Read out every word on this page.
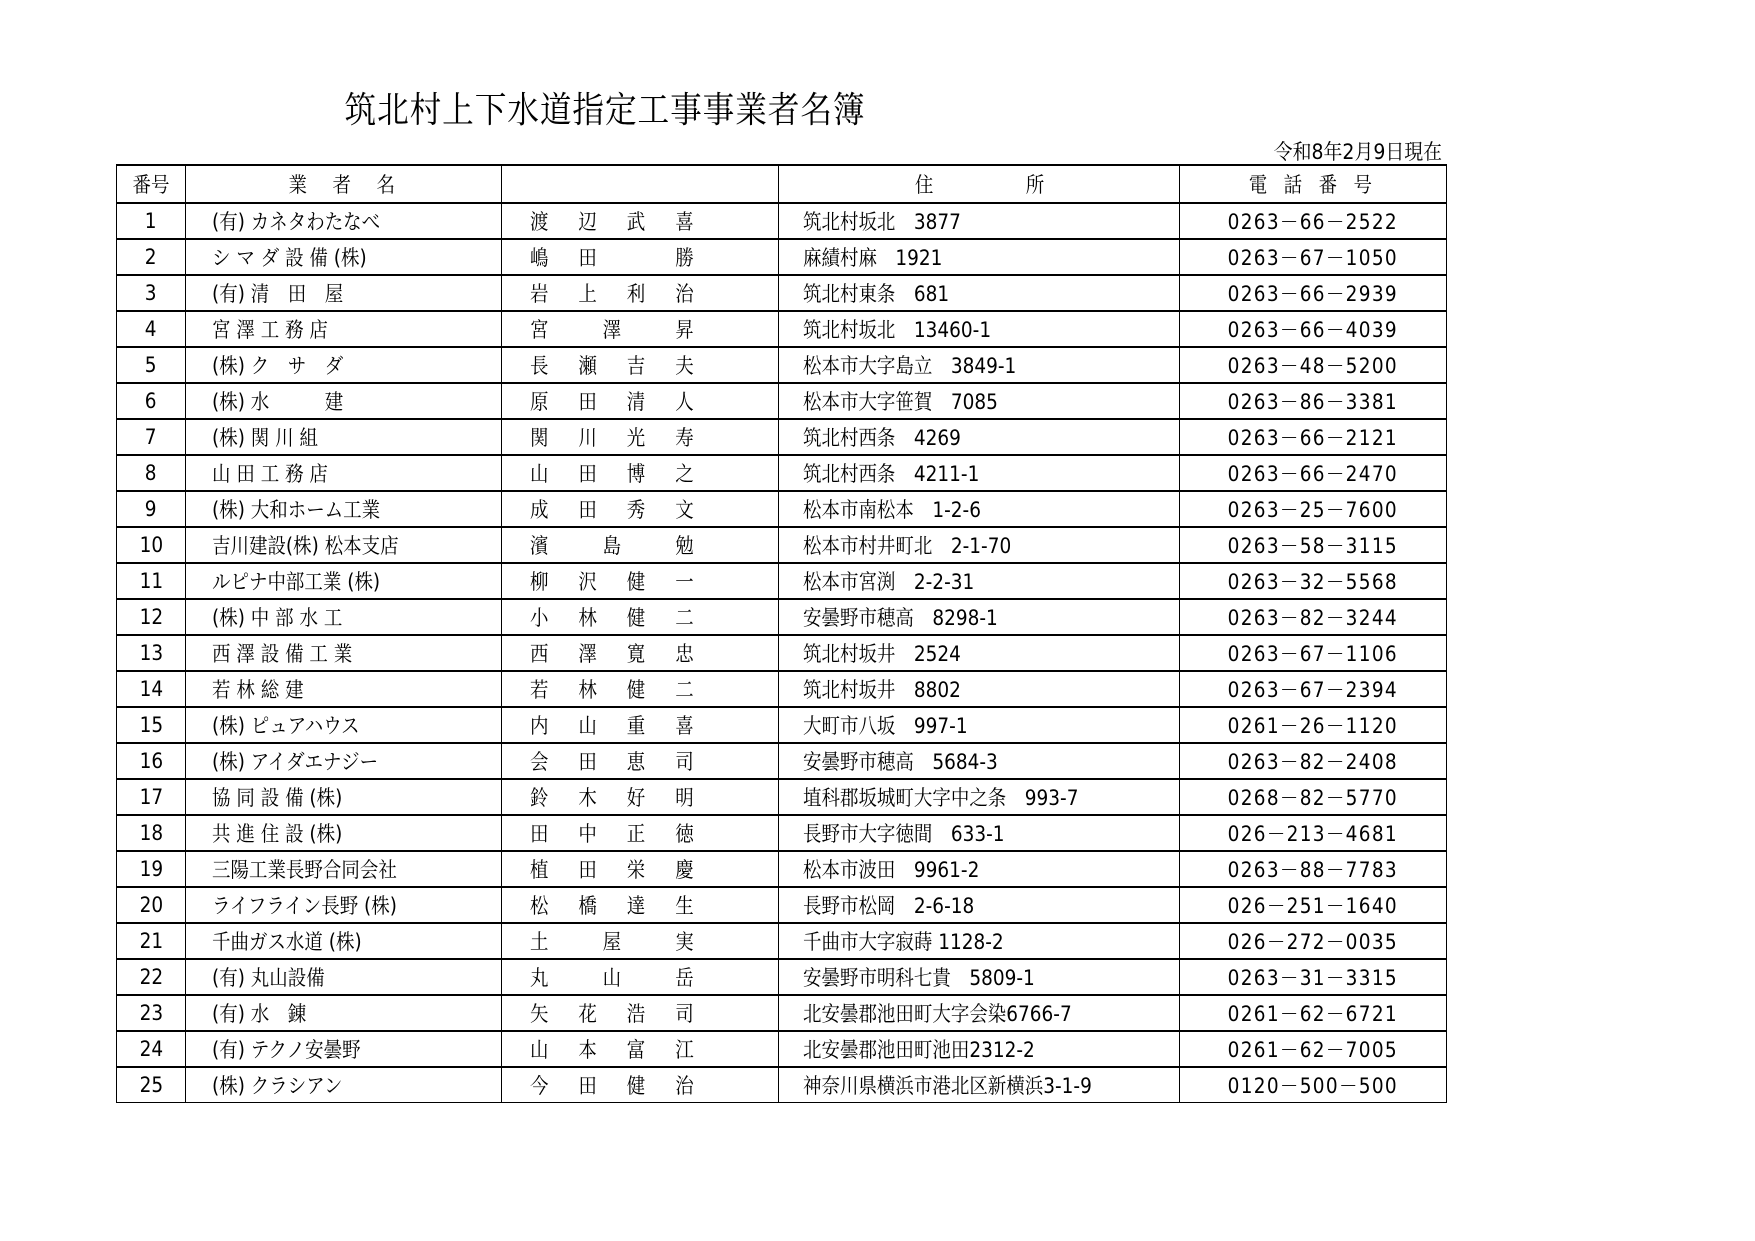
筑北村上下水道指定工事事業者名簿
令和8年2月9日現在
番号	業　者　名		住　　　　　所	電 話 番 号
1	(有) カネタわたなべ	渡　辺　武　喜	筑北村坂北　3877	0263－66－2522
2	シ マ ダ 設 備 (株)	嶋　田　　　勝	麻績村麻　1921	0263－67－1050
3	(有) 清　田　屋	岩　上　利　治	筑北村東条　681	0263－66－2939
4	宮 澤 工 務 店	宮　　澤　　昇	筑北村坂北　13460-1	0263－66－4039
5	(株) ク　サ　ダ	長　瀬　吉　夫	松本市大字島立　3849-1	0263－48－5200
6	(株) 水　　　建	原　田　清　人	松本市大字笹賀　7085	0263－86－3381
7	(株) 関 川 組	関　川　光　寿	筑北村西条　4269	0263－66－2121
8	山 田 工 務 店	山　田　博　之	筑北村西条　4211-1	0263－66－2470
9	(株) 大和ホーム工業	成　田　秀　文	松本市南松本　1-2-6	0263－25－7600
10	吉川建設(株) 松本支店	濱　　島　　勉	松本市村井町北　2-1-70	0263－58－3115
11	ルピナ中部工業 (株)	柳　沢　健　一	松本市宮渕　2-2-31	0263－32－5568
12	(株) 中 部 水 工	小　林　健　二	安曇野市穂高　8298-1	0263－82－3244
13	西 澤 設 備 工 業	西　澤　寛　忠	筑北村坂井　2524	0263－67－1106
14	若 林 総 建	若　林　健　二	筑北村坂井　8802	0263－67－2394
15	(株) ピュアハウス	内　山　重　喜	大町市八坂　997-1	0261－26－1120
16	(株) アイダエナジー	会　田　恵　司	安曇野市穂高　5684-3	0263－82－2408
17	協 同 設 備 (株)	鈴　木　好　明	埴科郡坂城町大字中之条　993-7	0268－82－5770
18	共 進 住 設 (株)	田　中　正　徳	長野市大字徳間　633-1	026－213－4681
19	三陽工業長野合同会社	植　田　栄　慶	松本市波田　9961-2	0263－88－7783
20	ライフライン長野 (株)	松　橋　達　生	長野市松岡　2-6-18	026－251－1640
21	千曲ガス水道 (株)	土　　屋　　実	千曲市大字寂蒔 1128-2	026－272－0035
22	(有) 丸山設備	丸　　山　　岳	安曇野市明科七貴　5809-1	0263－31－3315
23	(有) 水　錬	矢　花　浩　司	北安曇郡池田町大字会染6766-7	0261－62－6721
24	(有) テクノ安曇野	山　本　富　江	北安曇郡池田町池田2312-2	0261－62－7005
25	(株) クラシアン	今　田　健　治	神奈川県横浜市港北区新横浜3-1-9	0120－500－500
